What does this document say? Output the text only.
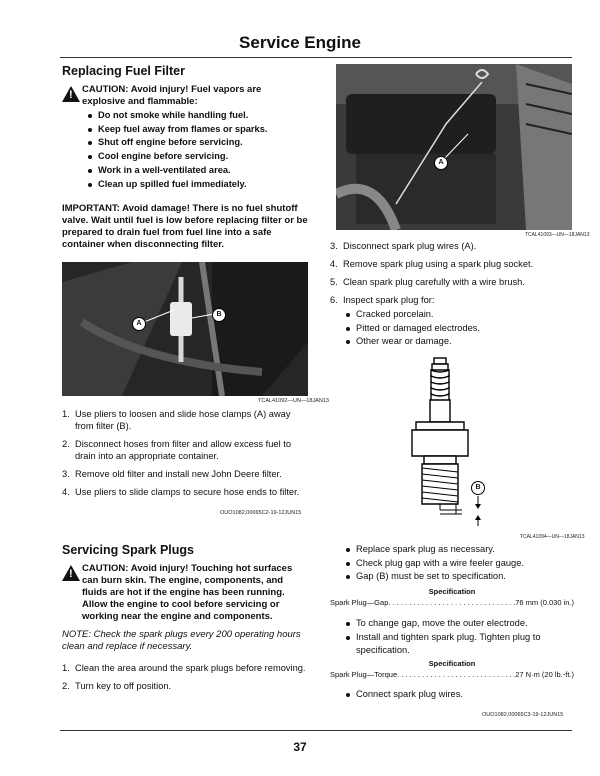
Service Engine
Replacing Fuel Filter
! CAUTION: Avoid injury! Fuel vapors are explosive and flammable:
Do not smoke while handling fuel.
Keep fuel away from flames or sparks.
Shut off engine before servicing.
Cool engine before servicing.
Work in a well-ventilated area.
Clean up spilled fuel immediately.
IMPORTANT: Avoid damage! There is no fuel shutoff valve. Wait until fuel is low before replacing filter or be prepared to drain fuel from fuel line into a safe container when disconnecting filter.
A
B
TCAL41092—UN—18JAN13
1. Use pliers to loosen and slide hose clamps (A) away from filter (B).
2. Disconnect hoses from filter and allow excess fuel to drain into an appropriate container.
3. Remove old filter and install new John Deere filter.
4. Use pliers to slide clamps to secure hose ends to filter.
OUO1082,00065C2-19-12JUN15
Servicing Spark Plugs
! CAUTION: Avoid injury! Touching hot surfaces can burn skin. The engine, components, and fluids are hot if the engine has been running. Allow the engine to cool before servicing or working near the engine and components.
NOTE: Check the spark plugs every 200 operating hours clean and replace if necessary.
1. Clean the area around the spark plugs before removing.
2. Turn key to off position.
A
TCAL41093—UN—18JAN13
3. Disconnect spark plug wires (A).
4. Remove spark plug using a spark plug socket.
5. Clean spark plug carefully with a wire brush.
6. Inspect spark plug for:
Cracked porcelain.
Pitted or damaged electrodes.
Other wear or damage.
B
TCAL41094—UN—18JAN13
Replace spark plug as necessary.
Check plug gap with a wire feeler gauge.
Gap (B) must be set to specification.
Specification
Spark Plug—Gap . . .	76 mm (0.030 in.)
To change gap, move the outer electrode.
Install and tighten spark plug. Tighten plug to specification.
Specification
Spark Plug—Torque . . .	27 N·m (20 lb.-ft.)
Connect spark plug wires.
OUO1082,00065C3-19-12JUN15
37
